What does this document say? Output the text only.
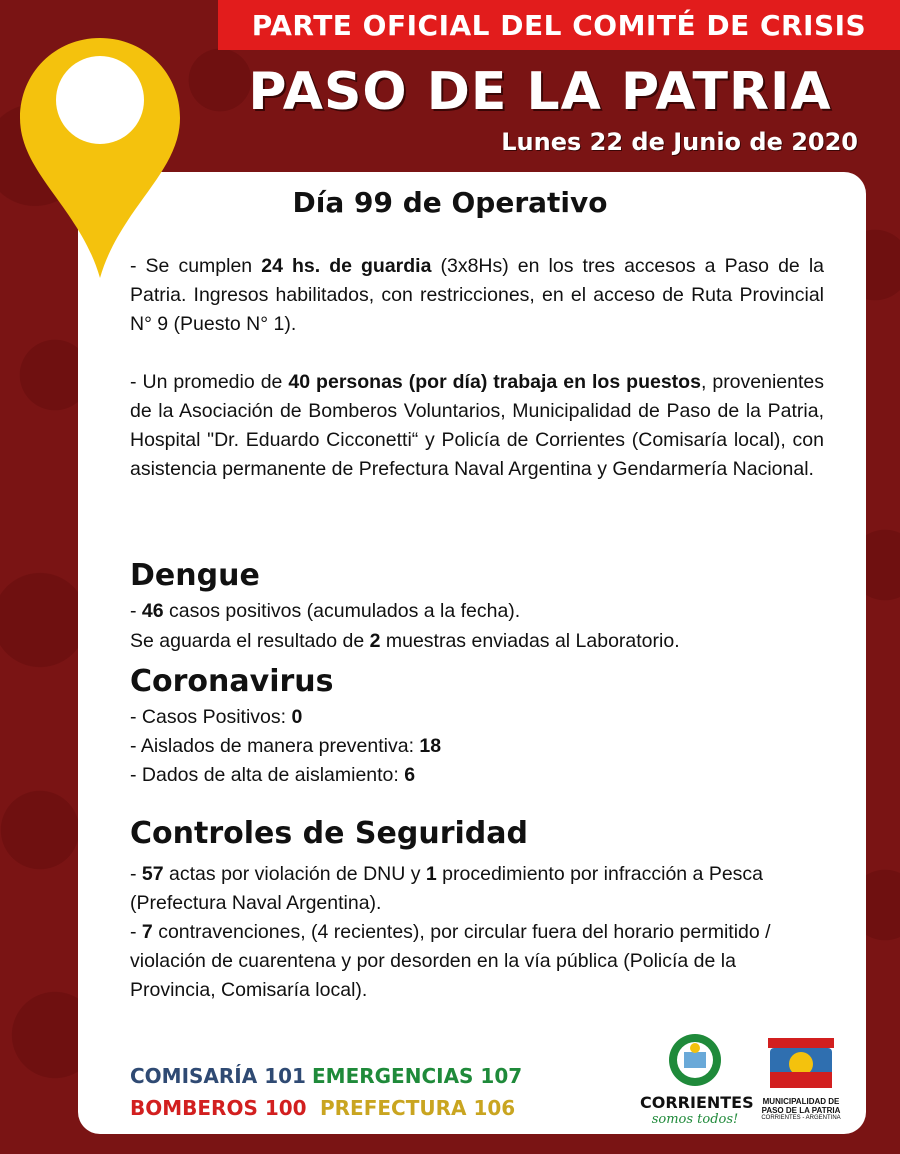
PARTE OFICIAL DEL COMITÉ DE CRISIS
PASO DE LA PATRIA
Lunes 22 de Junio de 2020
Día 99 de Operativo
- Se cumplen 24 hs. de guardia (3x8Hs) en los tres accesos a Paso de la Patria. Ingresos habilitados, con restricciones, en el acceso de Ruta Provincial N° 9 (Puesto N° 1).
- Un promedio de 40 personas (por día) trabaja en los puestos, provenientes de la Asociación de Bomberos Voluntarios, Municipalidad de Paso de la Patria, Hospital "Dr. Eduardo Cicconetti“ y Policía de Corrientes (Comisaría local), con asistencia permanente de Prefectura Naval Argentina y Gendarmería Nacional.
Dengue
- 46 casos positivos (acumulados a la fecha).
Se aguarda el resultado de 2 muestras enviadas al Laboratorio.
Coronavirus
- Casos Positivos: 0
- Aislados de manera preventiva: 18
- Dados de alta de aislamiento: 6
Controles de Seguridad
- 57 actas por violación de DNU y 1 procedimiento por infracción a Pesca (Prefectura Naval Argentina).
- 7 contravenciones, (4 recientes), por circular fuera del horario permitido / violación de cuarentena y por desorden en la vía pública (Policía de la Provincia, Comisaría local).
COMISARÍA 101 EMERGENCIAS 107
BOMBEROS 100 PREFECTURA 106	CORRIENTES
somos todos!
MUNICIPALIDAD DE
PASO DE LA PATRIA
CORRIENTES - ARGENTINA
